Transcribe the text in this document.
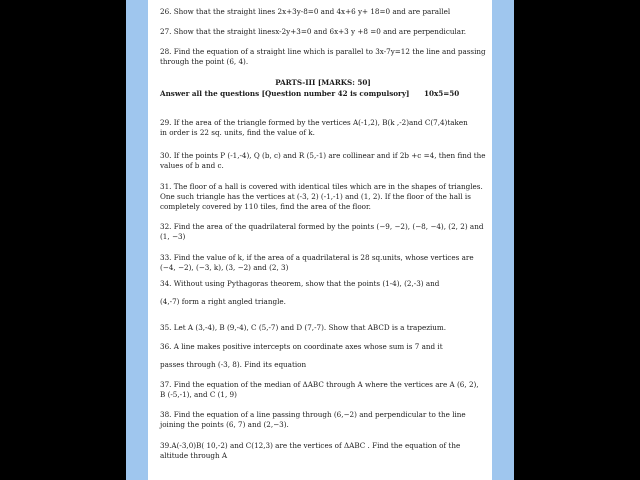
26. Show that the straight lines 2x+3y-8=0 and 4x+6 y+ 18=0 and are parallel
27. Show that the straight linesx-2y+3=0 and 6x+3 y +8 =0 and are perpendicular.
28. Find the equation of a straight line which is parallel to 3x-7y=12 the line and passing
through the point (6, 4).
PARTS-III [MARKS: 50]
Answer all the questions [Question number 42 is compulsory] 10x5=50
29. If the area of the triangle formed by the vertices A(-1,2), B(k ,-2)and C(7,4)taken
in order is 22 sq. units, find the value of k.
30. If the points P (-1,-4), Q (b, c) and R (5,-1) are collinear and if 2b +c =4, then find the
values of b and c.
31. The floor of a hall is covered with identical tiles which are in the shapes of triangles.
One such triangle has the vertices at (-3, 2) (-1,-1) and (1, 2). If the floor of the hall is
completely covered by 110 tiles, find the area of the floor.
32. Find the area of the quadrilateral formed by the points (−9, −2), (−8, −4), (2, 2) and
(1, −3)
33. Find the value of k, if the area of a quadrilateral is 28 sq.units, whose vertices are
(−4, −2), (−3, k), (3, −2) and (2, 3)
34. Without using Pythagoras theorem, show that the points (1-4), (2,-3) and
(4,-7) form a right angled triangle.
35. Let A (3,-4), B (9,-4), C (5,-7) and D (7,-7). Show that ABCD is a trapezium.
36. A line makes positive intercepts on coordinate axes whose sum is 7 and it
passes through (-3, 8). Find its equation
37. Find the equation of the median of ΔABC through A where the vertices are A (6, 2),
B (-5,-1), and C (1, 9)
38. Find the equation of a line passing through (6,−2) and perpendicular to the line
joining the points (6, 7) and (2,−3).
39.A(-3,0)B( 10,-2) and C(12,3) are the vertices of ΔABC . Find the equation of the
altitude through A
